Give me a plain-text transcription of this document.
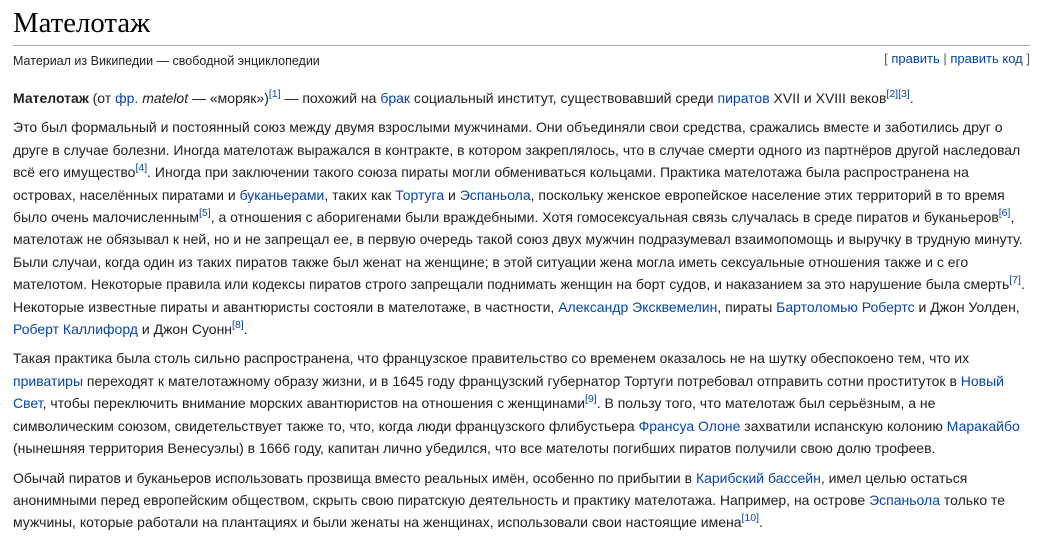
Мателотаж
Материал из Википедии — свободной энциклопедии	[ править | править код ]

Мателотаж (от фр. matelot — «моряк»)[1] — похожий на брак социальный институт, существовавший среди пиратов XVII и XVIII веков[2][3].

Это был формальный и постоянный союз между двумя взрослыми мужчинами. Они объединяли свои средства, сражались вместе и заботились друг о друге в случае болезни. Иногда мателотаж выражался в контракте, в котором закреплялось, что в случае смерти одного из партнёров другой наследовал всё его имущество[4]. Иногда при заключении такого союза пираты могли обмениваться кольцами. Практика мателотажа была распространена на островах, населённых пиратами и буканьерами, таких как Тортуга и Эспаньола, поскольку женское европейское население этих территорий в то время было очень малочисленным[5], а отношения с аборигенами были враждебными. Хотя гомосексуальная связь случалась в среде пиратов и буканьеров[6], мателотаж не обязывал к ней, но и не запрещал ее, в первую очередь такой союз двух мужчин подразумевал взаимопомощь и выручку в трудную минуту. Были случаи, когда один из таких пиратов также был женат на женщине; в этой ситуации жена могла иметь сексуальные отношения также и с его мателотом. Некоторые правила или кодексы пиратов строго запрещали поднимать женщин на борт судов, и наказанием за это нарушение была смерть[7]. Некоторые известные пираты и авантюристы состояли в мателотаже, в частности, Александр Эксквемелин, пираты Бартоломью Робертс и Джон Уолден, Роберт Каллифорд и Джон Суонн[8].

Такая практика была столь сильно распространена, что французское правительство со временем оказалось не на шутку обеспокоено тем, что их приватиры переходят к мателотажному образу жизни, и в 1645 году французский губернатор Тортуги потребовал отправить сотни проституток в Новый Свет, чтобы переключить внимание морских авантюристов на отношения с женщинами[9]. В пользу того, что мателотаж был серьёзным, а не символическим союзом, свидетельствует также то, что, когда люди французского флибустьера Франсуа Олоне захватили испанскую колонию Маракайбо (нынешняя территория Венесуэлы) в 1666 году, капитан лично убедился, что все мателоты погибших пиратов получили свою долю трофеев.

Обычай пиратов и буканьеров использовать прозвища вместо реальных имён, особенно по прибытии в Карибский бассейн, имел целью остаться анонимными перед европейским обществом, скрыть свою пиратскую деятельность и практику мателотажа. Например, на острове Эспаньола только те мужчины, которые работали на плантациях и были женаты на женщинах, использовали свои настоящие имена[10].
